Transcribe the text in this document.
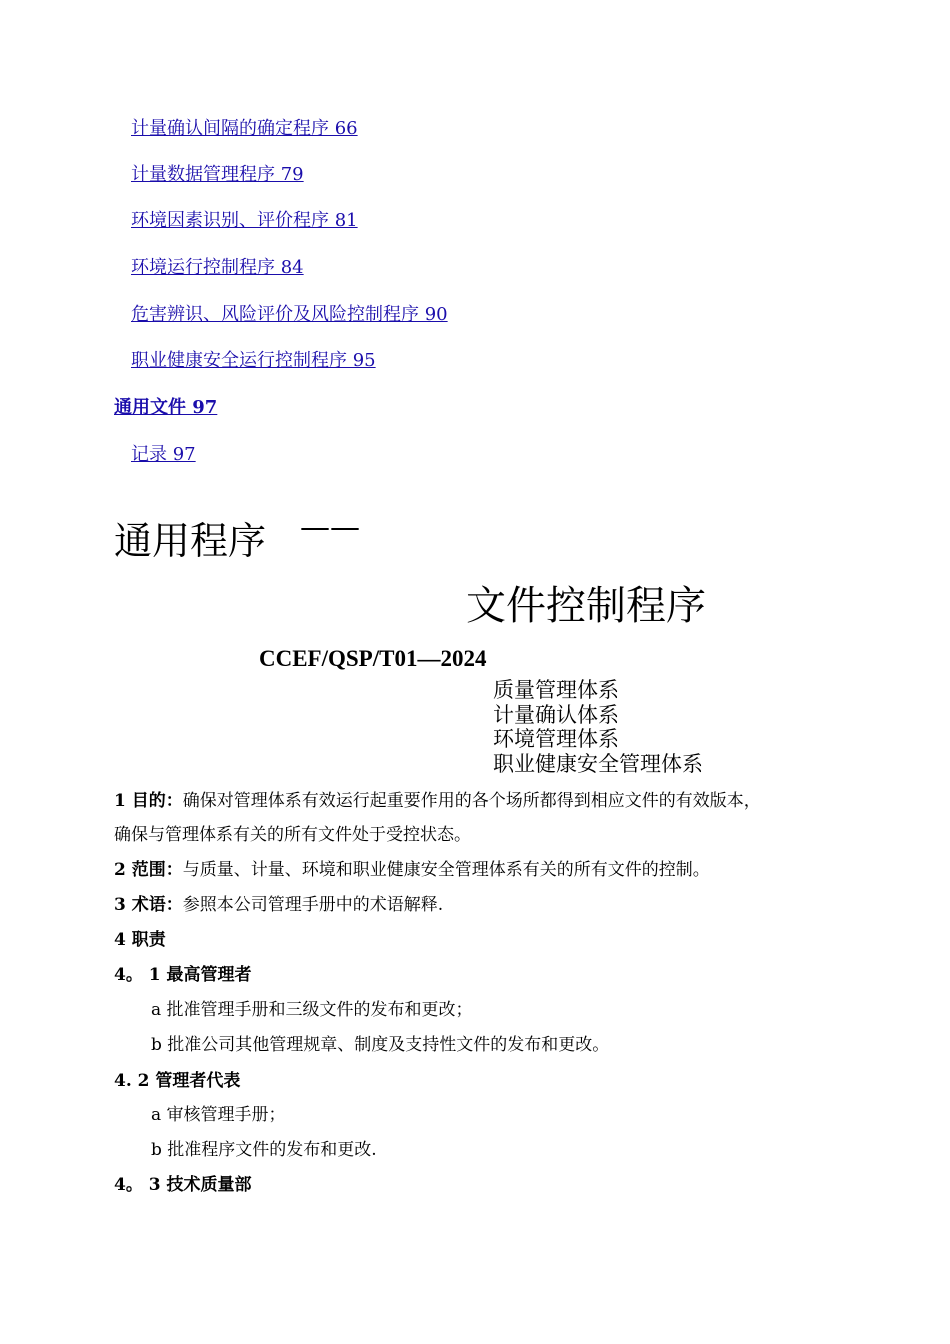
计量确认间隔的确定程序 66
计量数据管理程序 79
环境因素识别、评价程序 81
环境运行控制程序 84
危害辨识、风险评价及风险控制程序 90
职业健康安全运行控制程序 95
通用文件 97
记录 97
通用程序 ——
文件控制程序
CCEF/QSP/T01—2024
质量管理体系
计量确认体系
环境管理体系
职业健康安全管理体系
1 目的：确保对管理体系有效运行起重要作用的各个场所都得到相应文件的有效版本，
确保与管理体系有关的所有文件处于受控状态。
2 范围：与质量、计量、环境和职业健康安全管理体系有关的所有文件的控制。
3 术语：参照本公司管理手册中的术语解释.
4 职责
4。 1 最高管理者
a 批准管理手册和三级文件的发布和更改；
b 批准公司其他管理规章、制度及支持性文件的发布和更改。
4. 2 管理者代表
a 审核管理手册；
b 批准程序文件的发布和更改.
4。 3 技术质量部
